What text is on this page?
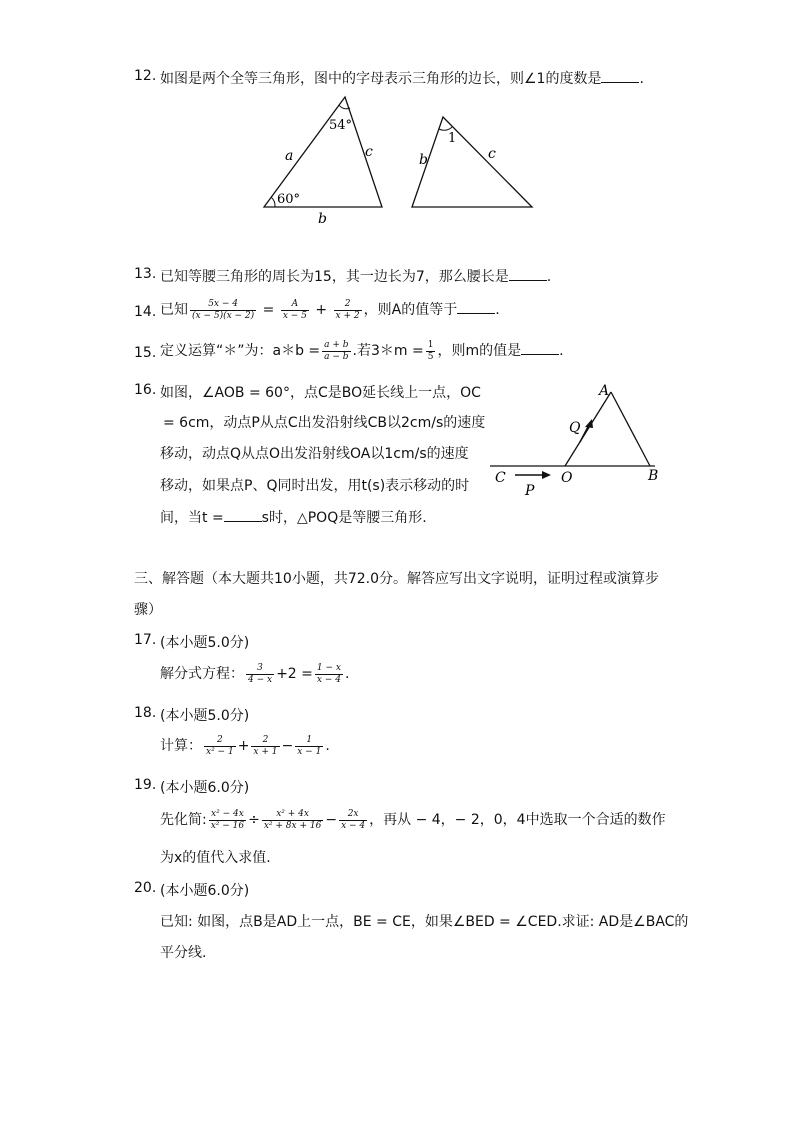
12. 如图是两个全等三角形，图中的字母表示三角形的边长，则∠1的度数是	.
54°
60°
a	c
b
1
b	c
13. 已知等腰三角形的周长为15，其一边长为7，那么腰长是	.
14. 已知 $\frac{5x - 4}{(x - 5)(x - 2)} = \frac{A}{x - 5} + \frac{2}{x + 2}$ ，则A的值等于	.
15. 定义运算“＊”为：a＊b = $\frac{a + b}{a - b}$ .若3＊m = $\frac{1}{5}$ ，则m的值是	.
16. 如图，∠AOB = 60°，点C是BO延长线上一点，OC
= 6cm，动点P从点C出发沿射线CB以2cm/s的速度
移动，动点Q从点O出发沿射线OA以1cm/s的速度
移动，如果点P、Q同时出发，用t(s)表示移动的时
间，当t =	s时，△POQ是等腰三角形.
A
B
C	O
P
Q
三、解答题（本大题共10小题，共72.0分。解答应写出文字说明，证明过程或演算步
骤）
17. (本小题5.0分)
解分式方程： $\frac{3}{4 - x} +2 = \frac{1 - x}{x - 4}$ .
18. (本小题5.0分)
计算： $\frac{2}{\text{x² − 1}} + \frac{2}{x + 1} - \frac{1}{x - 1}$ .
19. (本小题6.0分)
先化简: $\frac{\text{x² − 4x}}{\text{x² − 16}} \div \frac{\text{x² + 4x}}{\text{x² + 8x + 16}} - \frac{2x}{x - 4}$ ，再从 − 4，− 2，0，4中选取一个合适的数作
为x的值代入求值.
20. (本小题6.0分)
已知: 如图，点B是AD上一点，BE = CE，如果∠BED = ∠CED.求证: AD是∠BAC的
平分线.
